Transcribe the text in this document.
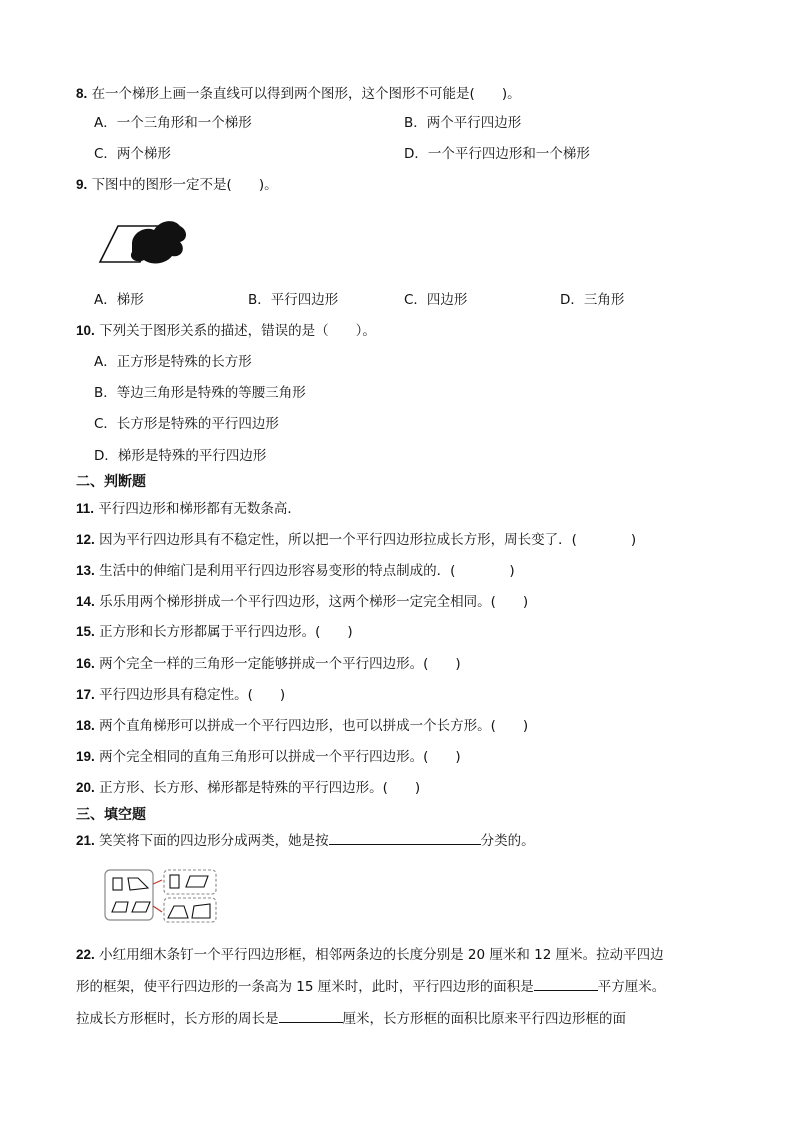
8. 在一个梯形上画一条直线可以得到两个图形，这个图形不可能是(　　)。
A．一个三角形和一个梯形	B．两个平行四边形
C．两个梯形	D．一个平行四边形和一个梯形
9. 下图中的图形一定不是(　　)。
A．梯形	B．平行四边形	C．四边形	D．三角形
10. 下列关于图形关系的描述，错误的是（　　）。
A．正方形是特殊的长方形
B．等边三角形是特殊的等腰三角形
C．长方形是特殊的平行四边形
D．梯形是特殊的平行四边形
二、判断题
11. 平行四边形和梯形都有无数条高．
12. 因为平行四边形具有不稳定性，所以把一个平行四边形拉成长方形，周长变了．(　　　　)
13. 生活中的伸缩门是利用平行四边形容易变形的特点制成的．(　　　　)
14. 乐乐用两个梯形拼成一个平行四边形，这两个梯形一定完全相同。(　　)
15. 正方形和长方形都属于平行四边形。(　　)
16. 两个完全一样的三角形一定能够拼成一个平行四边形。(　　)
17. 平行四边形具有稳定性。(　　)
18. 两个直角梯形可以拼成一个平行四边形，也可以拼成一个长方形。(　　)
19. 两个完全相同的直角三角形可以拼成一个平行四边形。(　　)
20. 正方形、长方形、梯形都是特殊的平行四边形。(　　)
三、填空题
21. 笑笑将下面的四边形分成两类，她是按	分类的。
22. 小红用细木条钉一个平行四边形框，相邻两条边的长度分别是 20 厘米和 12 厘米。拉动平四边
形的框架，使平行四边形的一条高为 15 厘米时，此时，平行四边形的面积是	平方厘米。
拉成长方形框时，长方形的周长是	厘米，长方形框的面积比原来平行四边形框的面
